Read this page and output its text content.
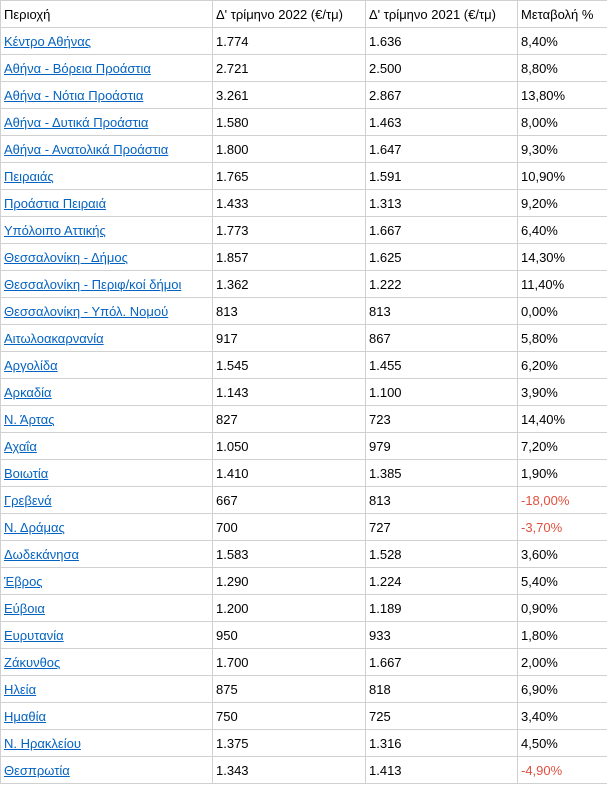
Περιοχή	Δ' τρίμηνο 2022 (€/τμ)	Δ' τρίμηνο 2021 (€/τμ)	Μεταβολή %
Κέντρο Αθήνας	1.774	1.636	8,40%
Αθήνα - Βόρεια Προάστια	2.721	2.500	8,80%
Αθήνα - Νότια Προάστια	3.261	2.867	13,80%
Αθήνα - Δυτικά Προάστια	1.580	1.463	8,00%
Αθήνα - Ανατολικά Προάστια	1.800	1.647	9,30%
Πειραιάς	1.765	1.591	10,90%
Προάστια Πειραιά	1.433	1.313	9,20%
Υπόλοιπο Αττικής	1.773	1.667	6,40%
Θεσσαλονίκη - Δήμος	1.857	1.625	14,30%
Θεσσαλονίκη - Περιφ/κοί δήμοι	1.362	1.222	11,40%
Θεσσαλονίκη - Υπόλ. Νομού	813	813	0,00%
Αιτωλοακαρνανία	917	867	5,80%
Αργολίδα	1.545	1.455	6,20%
Αρκαδία	1.143	1.100	3,90%
Ν. Άρτας	827	723	14,40%
Αχαΐα	1.050	979	7,20%
Βοιωτία	1.410	1.385	1,90%
Γρεβενά	667	813	-18,00%
Ν. Δράμας	700	727	-3,70%
Δωδεκάνησα	1.583	1.528	3,60%
Έβρος	1.290	1.224	5,40%
Εύβοια	1.200	1.189	0,90%
Ευρυτανία	950	933	1,80%
Ζάκυνθος	1.700	1.667	2,00%
Ηλεία	875	818	6,90%
Ημαθία	750	725	3,40%
Ν. Ηρακλείου	1.375	1.316	4,50%
Θεσπρωτία	1.343	1.413	-4,90%
